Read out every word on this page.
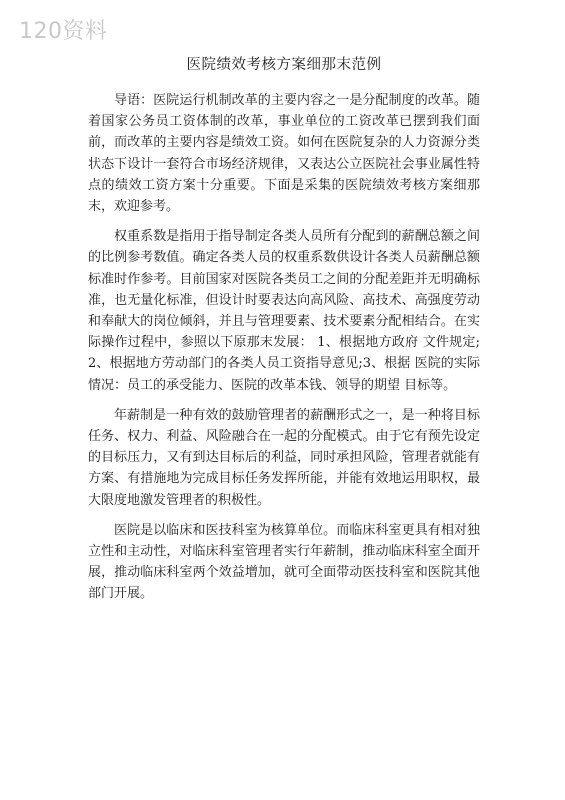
120资料
医院绩效考核方案细那末范例

导语：医院运行机制改革的主要内容之一是分配制度的改革。随着国家公务员工资体制的改革，事业单位的工资改革已摆到我们面前，而改革的主要内容是绩效工资。如何在医院复杂的人力资源分类状态下设计一套符合市场经济规律，又表达公立医院社会事业属性特点的绩效工资方案十分重要。下面是采集的医院绩效考核方案细那末，欢迎参考。

权重系数是指用于指导制定各类人员所有分配到的薪酬总额之间的比例参考数值。确定各类人员的权重系数供设计各类人员薪酬总额标准时作参考。目前国家对医院各类员工之间的分配差距并无明确标准，也无量化标准，但设计时要表达向高风险、高技术、高强度劳动和奉献大的岗位倾斜，并且与管理要素、技术要素分配相结合。在实际操作过程中，参照以下原那末发展： 1、根据地方政府 文件规定;2、根据地方劳动部门的各类人员工资指导意见;3、根据 医院的实际情况：员工的承受能力、医院的改革本钱、领导的期望 目标等。

年薪制是一种有效的鼓励管理者的薪酬形式之一，是一种将目标任务、权力、利益、风险融合在一起的分配模式。由于它有预先设定的目标压力，又有到达目标后的利益，同时承担风险，管理者就能有方案、有措施地为完成目标任务发挥所能，并能有效地运用职权，最大限度地激发管理者的积极性。

医院是以临床和医技科室为核算单位。而临床科室更具有相对独立性和主动性，对临床科室管理者实行年薪制，推动临床科室全面开展，推动临床科室两个效益增加，就可全面带动医技科室和医院其他部门开展。
